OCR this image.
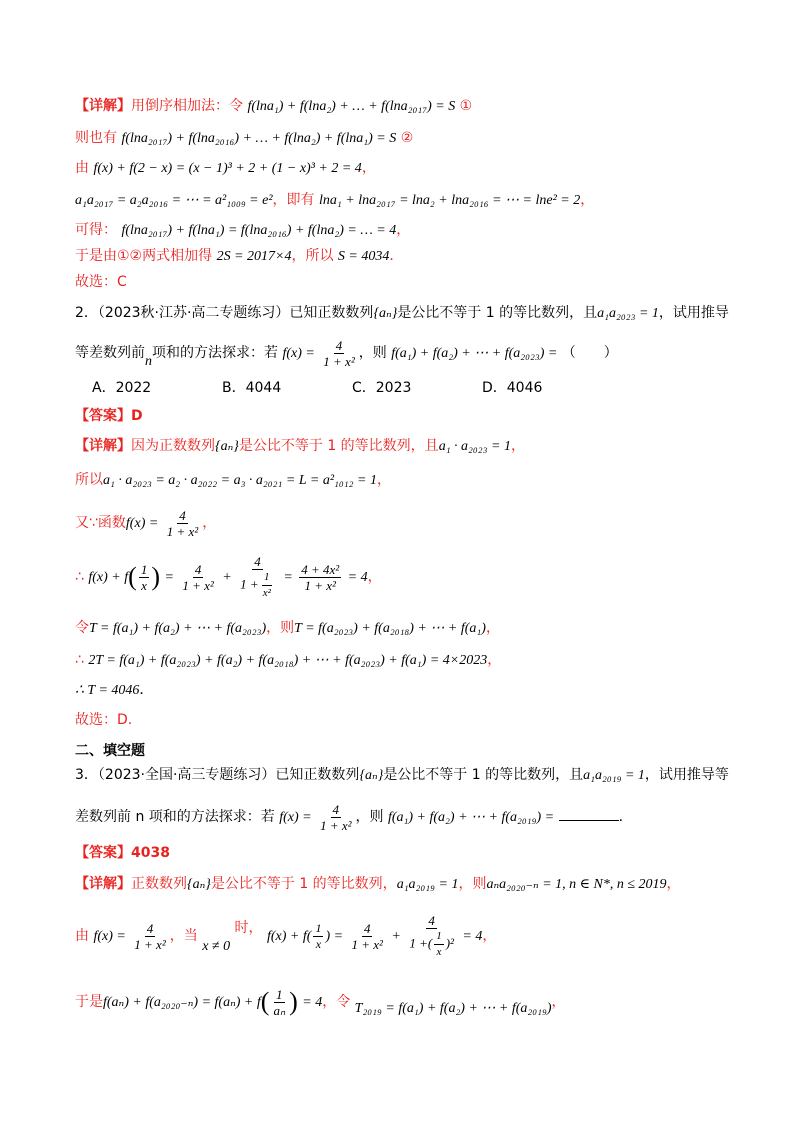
【详解】用倒序相加法：令 f(lna₁) + f(lna₂) + … + f(lna₂₀₁₇) = S ①
则也有 f(lna₂₀₁₇) + f(lna₂₀₁₆) + … + f(lna₂) + f(lna₁) = S ②
由 f(x) + f(2 − x) = (x − 1)³ + 2 + (1 − x)³ + 2 = 4，
a₁a₂₀₁₇ = a₂a₂₀₁₆ = ⋯ = a²₁₀₀₉ = e²，即有 lna₁ + lna₂₀₁₇ = lna₂ + lna₂₀₁₆ = ⋯ = lne² = 2，
可得： f(lna₂₀₁₇) + f(lna₁) = f(lna₂₀₁₆) + f(lna₂) = … = 4，
于是由①②两式相加得 2S = 2017×4，所以 S = 4034．
故选：C
2．（2023秋·江苏·高二专题练习）已知正数数列{aₙ}是公比不等于 1 的等比数列，且a₁a₂₀₂₃ = 1，试用推导
等差数列前n项和的方法探求：若 $f(x) = \frac{4}{\text{1 + x²}}$ ，则 f(a₁) + f(a₂) + ⋯ + f(a₂₀₂₃) = （　　）
A．2022	B．4044	C．2023	D．4046
【答案】D
【详解】因为正数数列{aₙ}是公比不等于 1 的等比数列，且a₁ · a₂₀₂₃ = 1，
所以a₁ · a₂₀₂₃ = a₂ · a₂₀₂₂ = a₃ · a₂₀₂₁ = L = a²₁₀₁₂ = 1，
又∵函数$f(x) = \frac{4}{\text{1 + x²}}$ ，
∴ $f(x) + f( \frac{1}{x}$ ) = $\frac{4}{\text{1 + x²}} + \frac{4}{1 + \frac{1}{\text{x²}}} = \frac{\text{4 + 4x²}}{\text{1 + x²}} = 4$，
令T = f(a₁) + f(a₂) + ⋯ + f(a₂₀₂₃)，则T = f(a₂₀₂₃) + f(a₂₀₁₈) + ⋯ + f(a₁)，
∴ 2T = f(a₁) + f(a₂₀₂₃) + f(a₂) + f(a₂₀₁₈) + ⋯ + f(a₂₀₂₃) + f(a₁) = 4×2023，
∴ T = 4046．
故选：D.
二、填空题
3．（2023·全国·高三专题练习）已知正数数列{aₙ}是公比不等于 1 的等比数列，且a₁a₂₀₁₉ = 1，试用推导等
差数列前 n 项和的方法探求：若 $f(x) = \frac{4}{\text{1 + x²}}$ ，则 f(a₁) + f(a₂) + ⋯ + f(a₂₀₁₉) =	.
【答案】4038
【详解】正数数列{aₙ}是公比不等于 1 的等比数列，a₁a₂₀₁₉ = 1，则aₙa₂₀₂₀₋ₙ = 1, n ∈ N*, n ≤ 2019，
由 $f(x) = \frac{4}{\text{1 + x²}}$ ，当 x ≠ 0 时， $f(x) + f( \frac{1}{x}$ ) = $\frac{4}{\text{1 + x²}} + \frac{4}{1 +( \frac{1}{x} )^2} = 4$，
于是$f(a_n) + f(a_{2020-n}) = f(a_n) + f( \frac{1}{\text{aₙ}}$ ) = 4，令 T₂₀₁₉ = f(a₁) + f(a₂) + ⋯ + f(a₂₀₁₉)，
